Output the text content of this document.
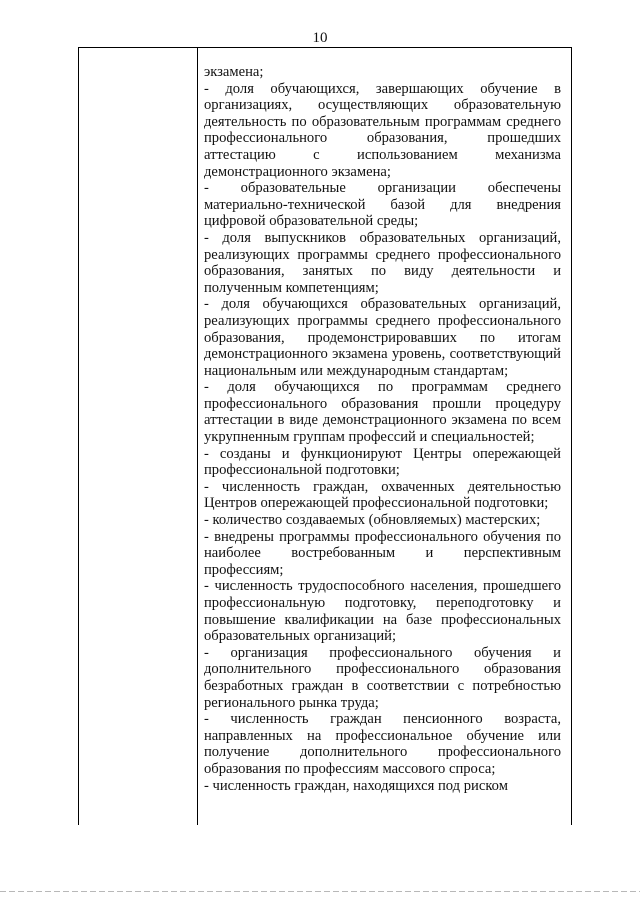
10
экзамена;
- доля обучающихся, завершающих обучение в организациях, осуществляющих образовательную деятельность по образовательным программам среднего профессионального образования, прошедших аттестацию с использованием механизма демонстрационного экзамена;
- образовательные организации обеспечены материально-технической базой для внедрения цифровой образовательной среды;
- доля выпускников образовательных организаций, реализующих программы среднего профессионального образования, занятых по виду деятельности и полученным компетенциям;
- доля обучающихся образовательных организаций, реализующих программы среднего профессионального образования, продемонстрировавших по итогам демонстрационного экзамена уровень, соответствующий национальным или международным стандартам;
- доля обучающихся по программам среднего профессионального образования прошли процедуру аттестации в виде демонстрационного экзамена по всем укрупненным группам профессий и специальностей;
- созданы и функционируют Центры опережающей профессиональной подготовки;
- численность граждан, охваченных деятельностью Центров опережающей профессиональной подготовки;
- количество создаваемых (обновляемых) мастерских;
- внедрены программы профессионального обучения по наиболее востребованным и перспективным профессиям;
- численность трудоспособного населения, прошедшего профессиональную подготовку, переподготовку и повышение квалификации на базе профессиональных образовательных организаций;
- организация профессионального обучения и дополнительного профессионального образования безработных граждан в соответствии с потребностью регионального рынка труда;
- численность граждан пенсионного возраста, направленных на профессиональное обучение или получение дополнительного профессионального образования по профессиям массового спроса;
- численность граждан, находящихся под риском
